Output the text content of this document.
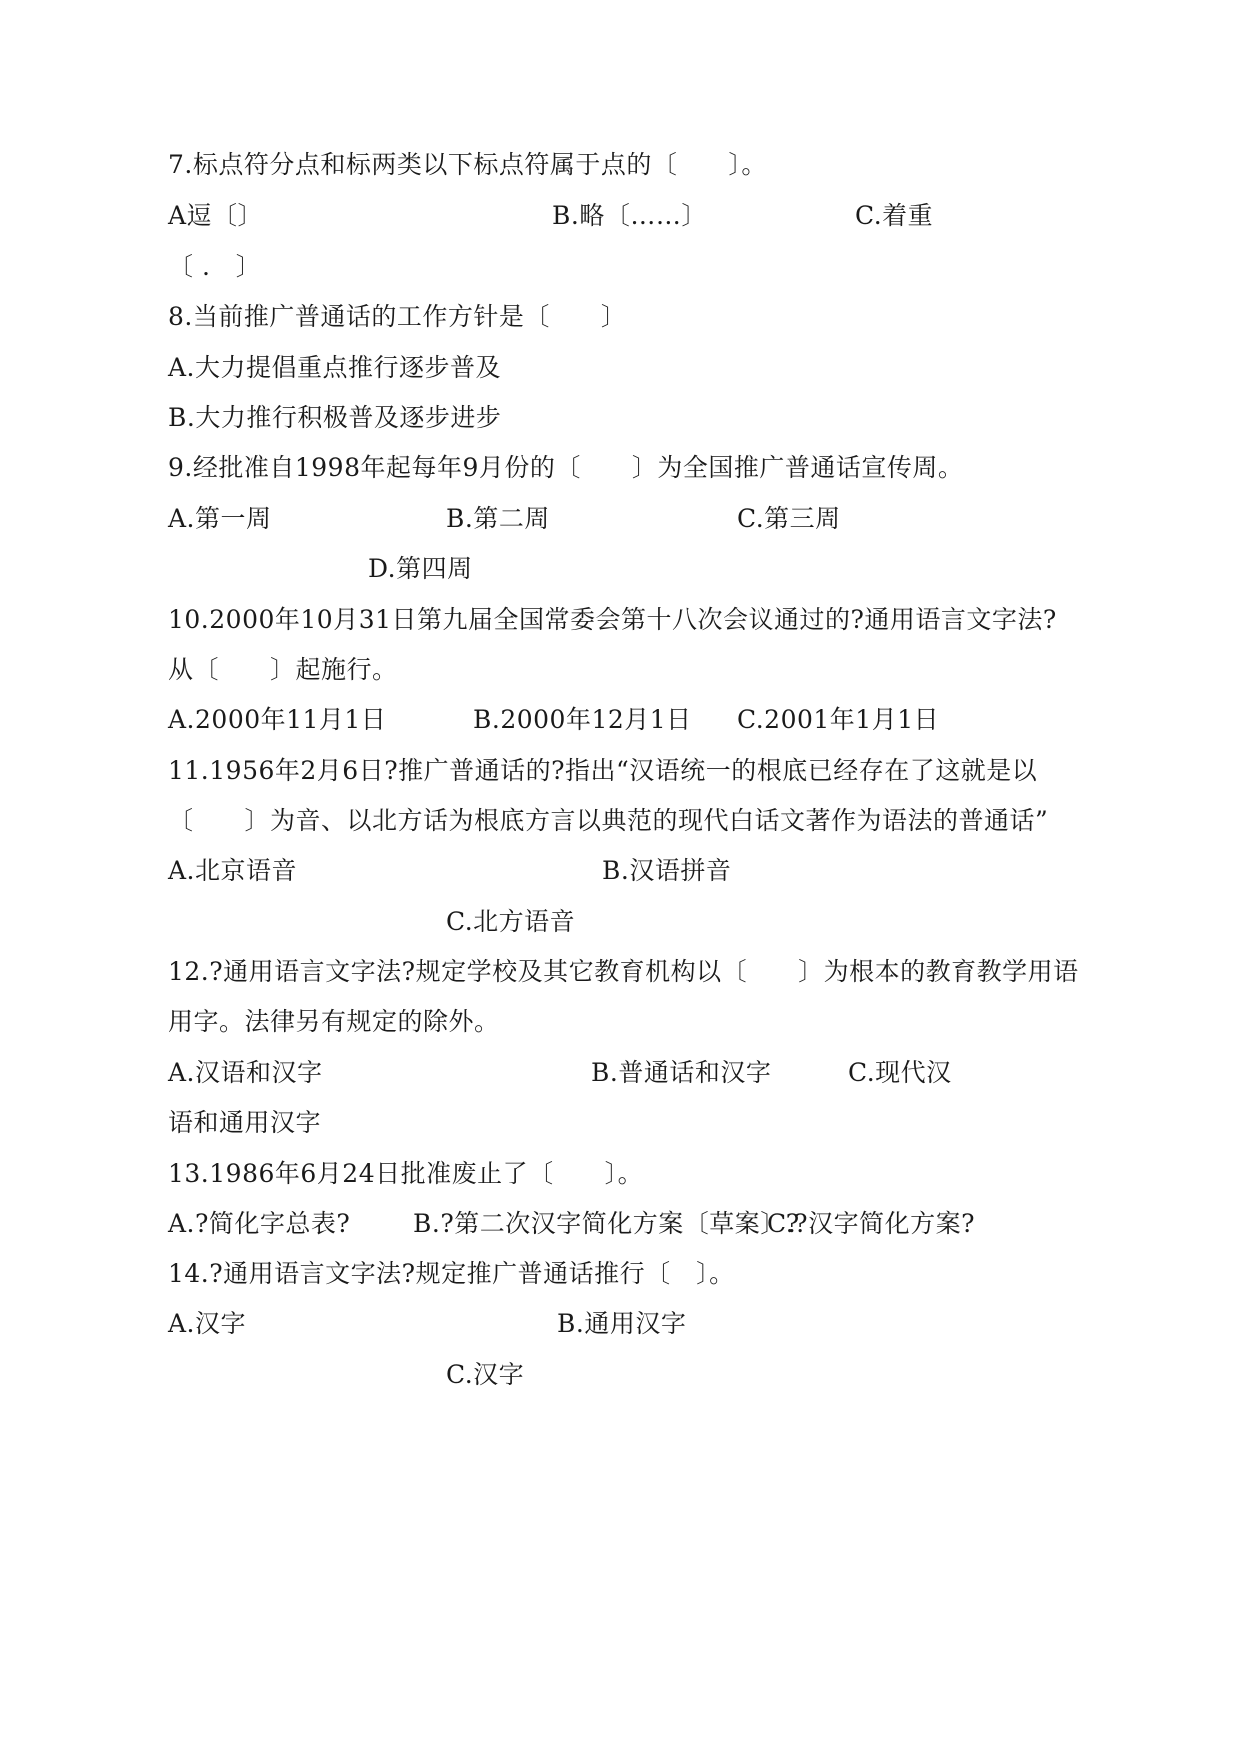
7.标点符分点和标两类以下标点符属于点的〔　　〕。
A逗〔〕	B.略〔……〕	C.着重
〔 .   〕
8.当前推广普通话的工作方针是〔　　〕
A.大力提倡重点推行逐步普及
B.大力推行积极普及逐步进步
9.经批准自1998年起每年9月份的〔　　〕为全国推广普通话宣传周。
A.第一周	B.第二周	C.第三周
D.第四周
10.2000年10月31日第九届全国常委会第十八次会议通过的?通用语言文字法?
从〔　　〕起施行。
A.2000年11月1日	B.2000年12月1日 C.2001年1月1日
11.1956年2月6日?推广普通话的?指出“汉语统一的根底已经存在了这就是以
〔　　〕为音、以北方话为根底方言以典范的现代白话文著作为语法的普通话”
A.北京语音	B.汉语拼音
C.北方语音
12.?通用语言文字法?规定学校及其它教育机构以〔　　〕为根本的教育教学用语
用字。法律另有规定的除外。
A.汉语和汉字	B.普通话和汉字	C.现代汉
语和通用汉字
13.1986年6月24日批准废止了〔　　〕。
A.?简化字总表?	B.?第二次汉字简化方案〔草案〕?
C.?汉字简化方案?
14.?通用语言文字法?规定推广普通话推行〔　〕。
A.汉字	B.通用汉字
C.汉字
